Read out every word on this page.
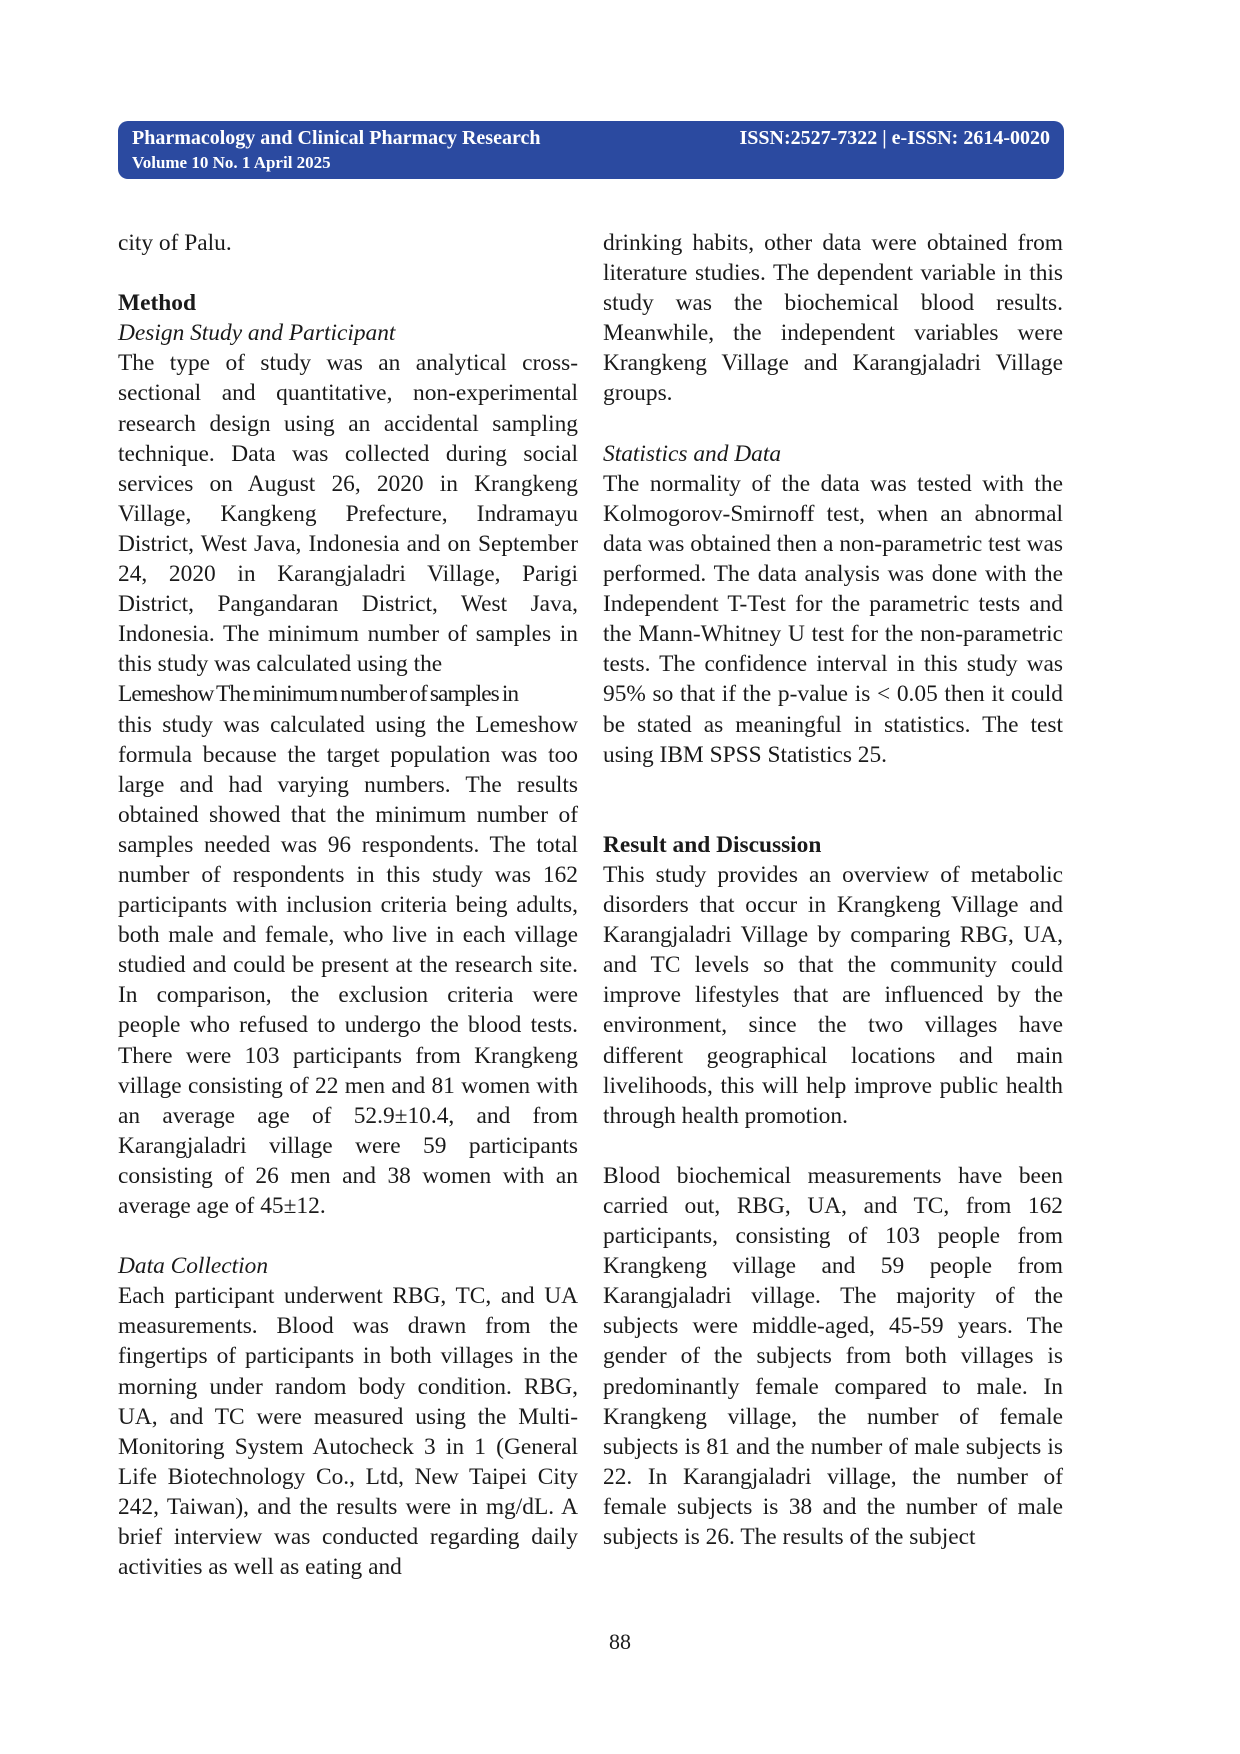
Pharmacology and Clinical Pharmacy Research
Volume 10 No. 1 April 2025
ISSN:2527-7322 | e-ISSN: 2614-0020

city of Palu.

Method

Design Study and Participant

The type of study was an analytical cross-sectional and quantitative, non-experimental research design using an accidental sampling technique. Data was collected during social services on August 26, 2020 in Krangkeng Village, Kangkeng Prefecture, Indramayu District, West Java, Indonesia and on September 24, 2020 in Karangjaladri Village, Parigi District, Pangandaran District, West Java, Indonesia. The minimum number of samples in this study was calculated using the

Lemeshow The minimum number of samples in

this study was calculated using the Lemeshow formula because the target population was too large and had varying numbers. The results obtained showed that the minimum number of samples needed was 96 respondents. The total number of respondents in this study was 162 participants with inclusion criteria being adults, both male and female, who live in each village studied and could be present at the research site. In comparison, the exclusion criteria were people who refused to undergo the blood tests. There were 103 participants from Krangkeng village consisting of 22 men and 81 women with an average age of 52.9±10.4, and from Karangjaladri village were 59 participants consisting of 26 men and 38 women with an average age of 45±12.

Data Collection

Each participant underwent RBG, TC, and UA measurements. Blood was drawn from the fingertips of participants in both villages in the morning under random body condition. RBG, UA, and TC were measured using the Multi-Monitoring System Autocheck 3 in 1 (General Life Biotechnology Co., Ltd, New Taipei City 242, Taiwan), and the results were in mg/dL. A brief interview was conducted regarding daily activities as well as eating and

drinking habits, other data were obtained from literature studies. The dependent variable in this study was the biochemical blood results. Meanwhile, the independent variables were Krangkeng Village and Karangjaladri Village groups.

Statistics and Data

The normality of the data was tested with the Kolmogorov-Smirnoff test, when an abnormal data was obtained then a non-parametric test was performed. The data analysis was done with the Independent T-Test for the parametric tests and the Mann-Whitney U test for the non-parametric tests. The confidence interval in this study was 95% so that if the p-value is < 0.05 then it could be stated as meaningful in statistics. The test using IBM SPSS Statistics 25.

Result and Discussion

This study provides an overview of metabolic disorders that occur in Krangkeng Village and Karangjaladri Village by comparing RBG, UA, and TC levels so that the community could improve lifestyles that are influenced by the environment, since the two villages have different geographical locations and main livelihoods, this will help improve public health through health promotion.

Blood biochemical measurements have been carried out, RBG, UA, and TC, from 162 participants, consisting of 103 people from Krangkeng village and 59 people from Karangjaladri village. The majority of the subjects were middle-aged, 45-59 years. The gender of the subjects from both villages is predominantly female compared to male. In Krangkeng village, the number of female subjects is 81 and the number of male subjects is 22. In Karangjaladri village, the number of female subjects is 38 and the number of male subjects is 26. The results of the subject

88
